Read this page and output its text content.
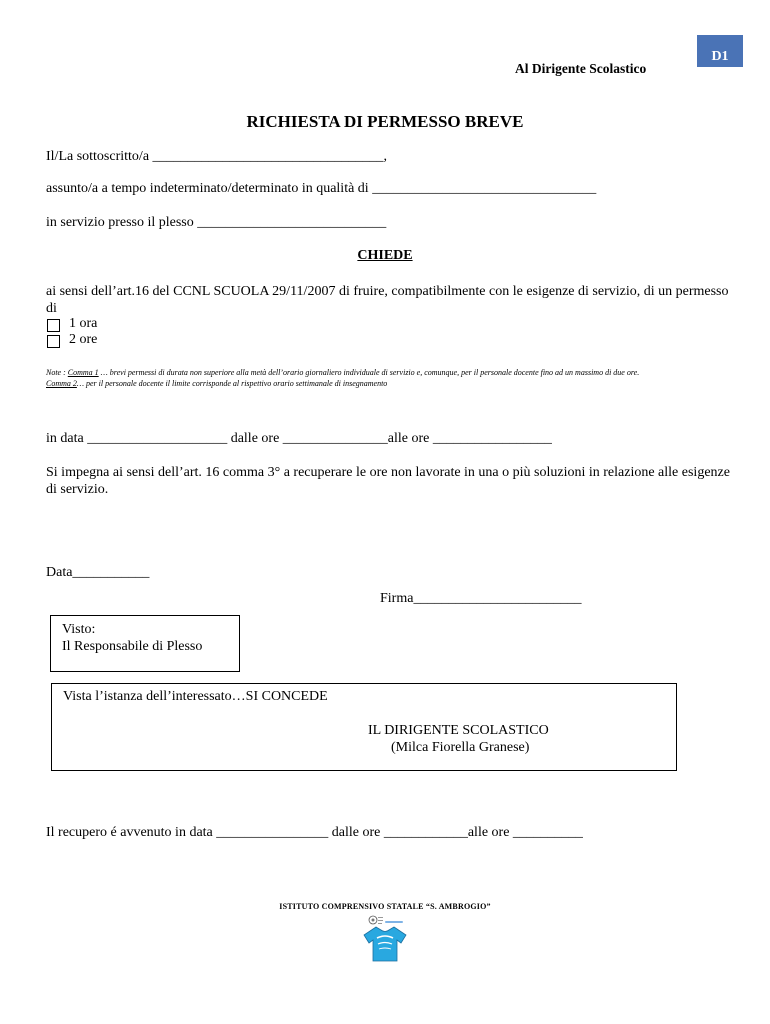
D1
Al Dirigente Scolastico
RICHIESTA DI PERMESSO BREVE
Il/La sottoscritto/a _________________________________,
assunto/a a tempo indeterminato/determinato in qualità di ________________________________
in servizio presso il plesso ___________________________
CHIEDE
ai sensi dell’art.16 del CCNL SCUOLA 29/11/2007 di fruire, compatibilmente con le esigenze di servizio, di un permesso di
1 ora
2 ore
Note : Comma 1 … brevi permessi di durata non superiore alla metà dell’orario giornaliero individuale di servizio e, comunque, per il personale docente fino ad un massimo di due ore.
Comma 2… per il personale docente il limite corrisponde al rispettivo orario settimanale di insegnamento
in data ____________________ dalle ore _______________alle ore _________________
Si impegna ai sensi dell’art. 16 comma 3° a recuperare le ore non lavorate in una o più soluzioni in relazione alle esigenze di servizio.
Data___________
Firma________________________
Visto:
Il Responsabile di Plesso
Vista l’istanza dell’interessato…SI CONCEDE
IL DIRIGENTE SCOLASTICO
(Milca Fiorella Granese)
Il recupero é avvenuto in data ________________ dalle ore ____________alle ore __________
ISTITUTO COMPRENSIVO STATALE “S. AMBROGIO”
